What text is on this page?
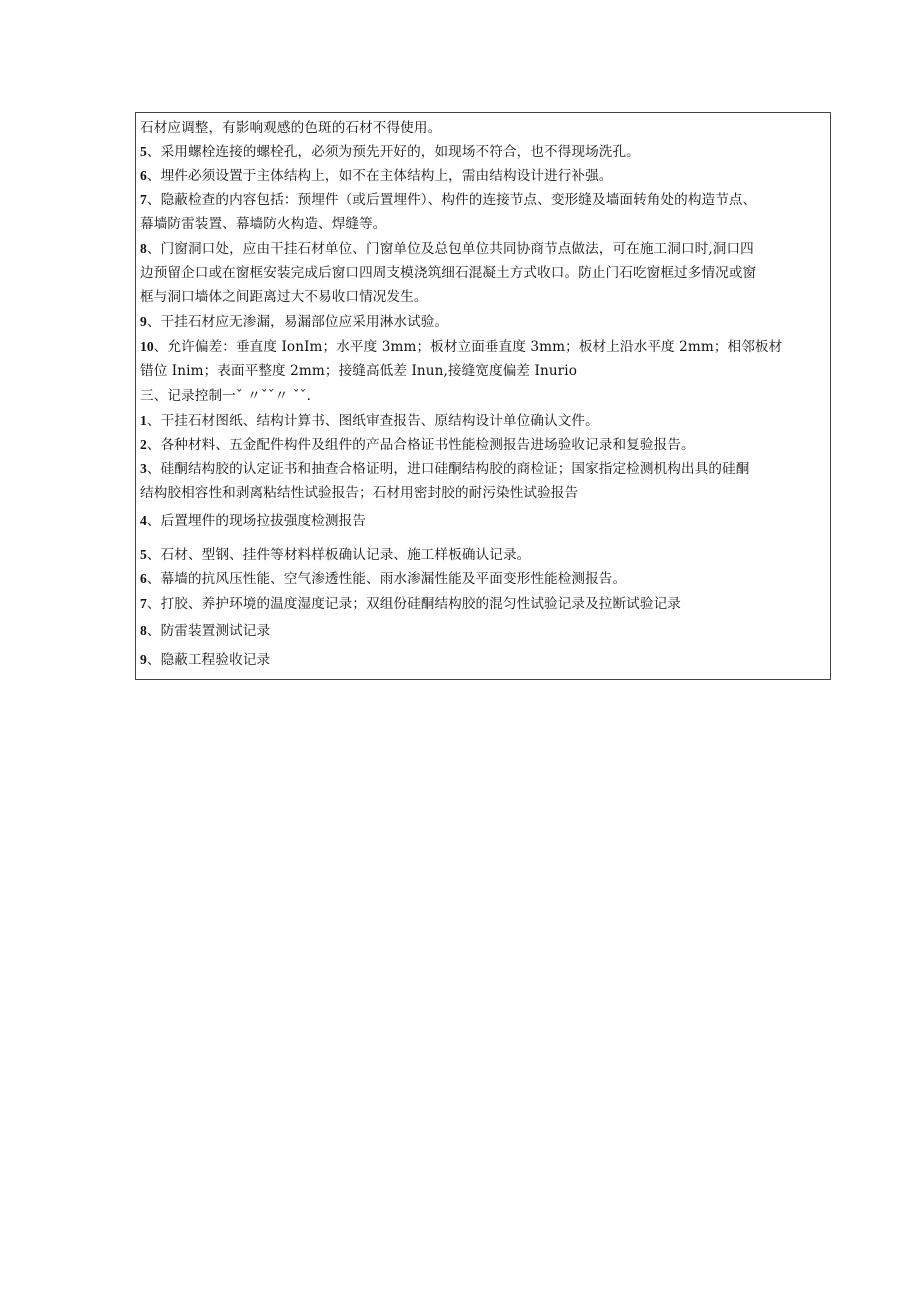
石材应调整，有影响观感的色斑的石材不得使用。
5、采用螺栓连接的螺栓孔，必须为预先开好的，如现场不符合，也不得现场洗孔。
6、埋件必须设置于主体结构上，如不在主体结构上，需由结构设计进行补强。
7、隐蔽检查的内容包括：预埋件（或后置埋件）、构件的连接节点、变形缝及墙面转角处的构造节点、
幕墙防雷装置、幕墙防火构造、焊缝等。
8、门窗洞口处，应由干挂石材单位、门窗单位及总包单位共同协商节点做法，可在施工洞口时,洞口四
边预留企口或在窗框安装完成后窗口四周支模浇筑细石混凝土方式收口。防止门石吃窗框过多情况或窗
框与洞口墙体之间距离过大不易收口情况发生。
9、干挂石材应无渗漏，易漏部位应采用淋水试验。
10、允许偏差：垂直度 IonIm；水平度 3mm；板材立面垂直度 3mm；板材上沿水平度 2mm；相邻板材
错位 Inim；表面平整度 2mm；接缝高低差 Inun,接缝宽度偏差 Inurio
三、记录控制一ˇ 〃ˇˇ〃 ˇˇ.
1、干挂石材图纸、结构计算书、图纸审查报告、原结构设计单位确认文件。
2、各种材料、五金配件构件及组件的产品合格证书性能检测报告进场验收记录和复验报告。
3、硅酮结构胶的认定证书和抽查合格证明，进口硅酮结构胶的商检证；国家指定检测机构出具的硅酮
结构胶相容性和剥离粘结性试验报告；石材用密封胶的耐污染性试验报告
4、后置埋件的现场拉拔强度检测报告
5、石材、型钢、挂件等材料样板确认记录、施工样板确认记录。
6、幕墙的抗风压性能、空气渗透性能、雨水渗漏性能及平面变形性能检测报告。
7、打胶、养护环境的温度湿度记录；双组份硅酮结构胶的混匀性试验记录及拉断试验记录
8、防雷装置测试记录
9、隐蔽工程验收记录
